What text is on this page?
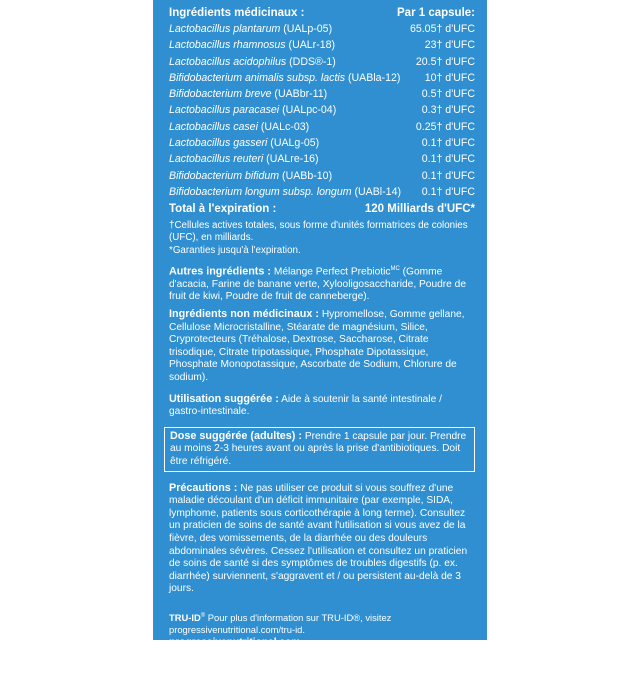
Ingrédients médicinaux :	Par 1 capsule:
Lactobacillus plantarum (UALp-05)	65.05† d'UFC
Lactobacillus rhamnosus (UALr-18)	23† d'UFC
Lactobacillus acidophilus (DDS®-1)	20.5† d'UFC
Bifidobacterium animalis subsp. lactis (UABla-12) 10† d'UFC
Bifidobacterium breve (UABbr-11)	0.5† d'UFC
Lactobacillus paracasei (UALpc-04)	0.3† d'UFC
Lactobacillus casei (UALc-03)	0.25† d'UFC
Lactobacillus gasseri (UALg-05)	0.1† d'UFC
Lactobacillus reuteri (UALre-16)	0.1† d'UFC
Bifidobacterium bifidum (UABb-10)	0.1† d'UFC
Bifidobacterium longum subsp. longum (UABl-14) 0.1† d'UFC
Total à l'expiration :	120 Milliards d'UFC*
†Cellules actives totales, sous forme d'unités formatrices de colonies (UFC), en milliards.
*Garanties jusqu'à l'expiration.
Autres ingrédients : Mélange Perfect Prebiotic$^{MC}$ (Gomme d'acacia, Farine de banane verte, Xylooligosaccharide, Poudre de fruit de kiwi, Poudre de fruit de canneberge).
Ingrédients non médicinaux : Hypromellose, Gomme gellane, Cellulose Microcristalline, Stéarate de magnésium, Silice, Cryprotecteurs (Tréhalose, Dextrose, Saccharose, Citrate trisodique, Citrate tripotassique, Phosphate Dipotassique, Phosphate Monopotassique, Ascorbate de Sodium, Chlorure de sodium).
Utilisation suggérée : Aide à soutenir la santé intestinale / gastro-intestinale.
Dose suggérée (adultes) : Prendre 1 capsule par jour. Prendre au moins 2-3 heures avant ou après la prise d'antibiotiques. Doit être réfrigéré.
Précautions : Ne pas utiliser ce produit si vous souffrez d'une maladie découlant d'un déficit immunitaire (par exemple, SIDA, lymphome, patients sous corticothérapie à long terme). Consultez un praticien de soins de santé avant l'utilisation si vous avez de la fièvre, des vomissements, de la diarrhée ou des douleurs abdominales sévères. Cessez l'utilisation et consultez un praticien de soins de santé si des symptômes de troubles digestifs (p. ex. diarrhée) surviennent, s'aggravent et / ou persistent au-delà de 3 jours.
TRU-ID® Pour plus d'information sur TRU-ID®, visitez progressivenutritional.com/tru-id.
progressivenutritional.com
DDS® est une marque déposée de Chr. Hansen A/S et utilisée sous licence.
